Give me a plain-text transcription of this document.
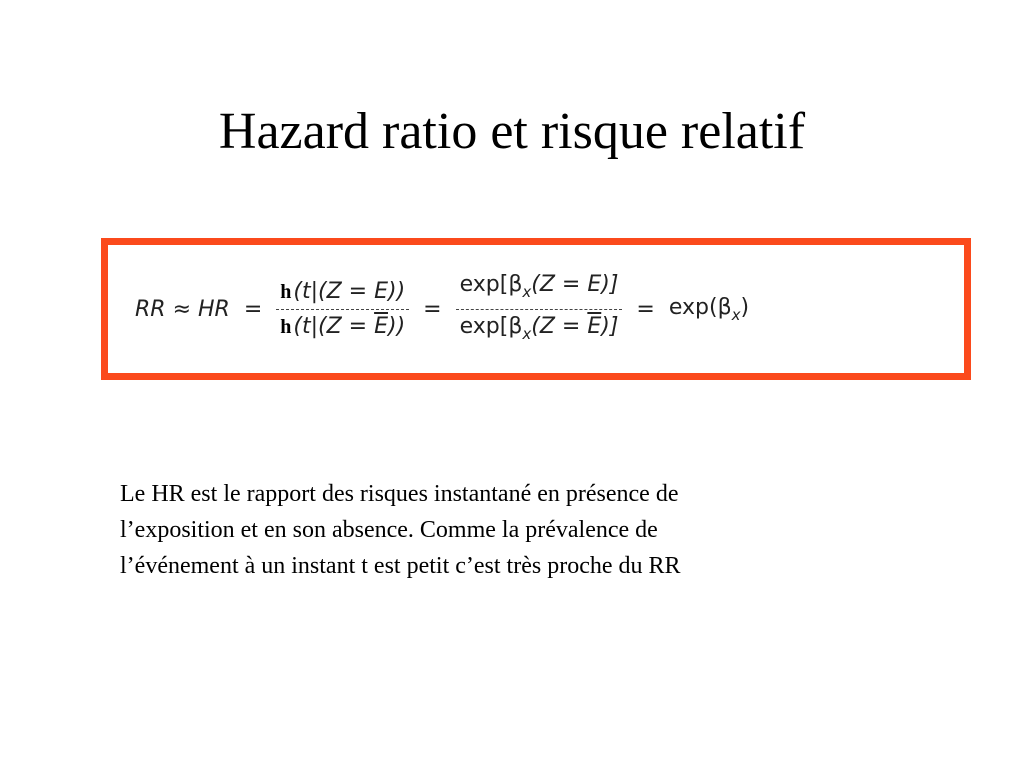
Hazard ratio et risque relatif
RR ≈ HR = $\frac{h(t|(Z = E))}{h(t|(Z = \overline{E}))} = \frac{\exp[\beta_x(Z = E)]}{\exp[\beta_x(Z = \overline{E})]} = \exp(\beta_x)$
Le HR est le rapport des risques instantané en présence de
l’exposition et en son absence. Comme la prévalence de
l’événement à un instant t est petit c’est très proche du RR
